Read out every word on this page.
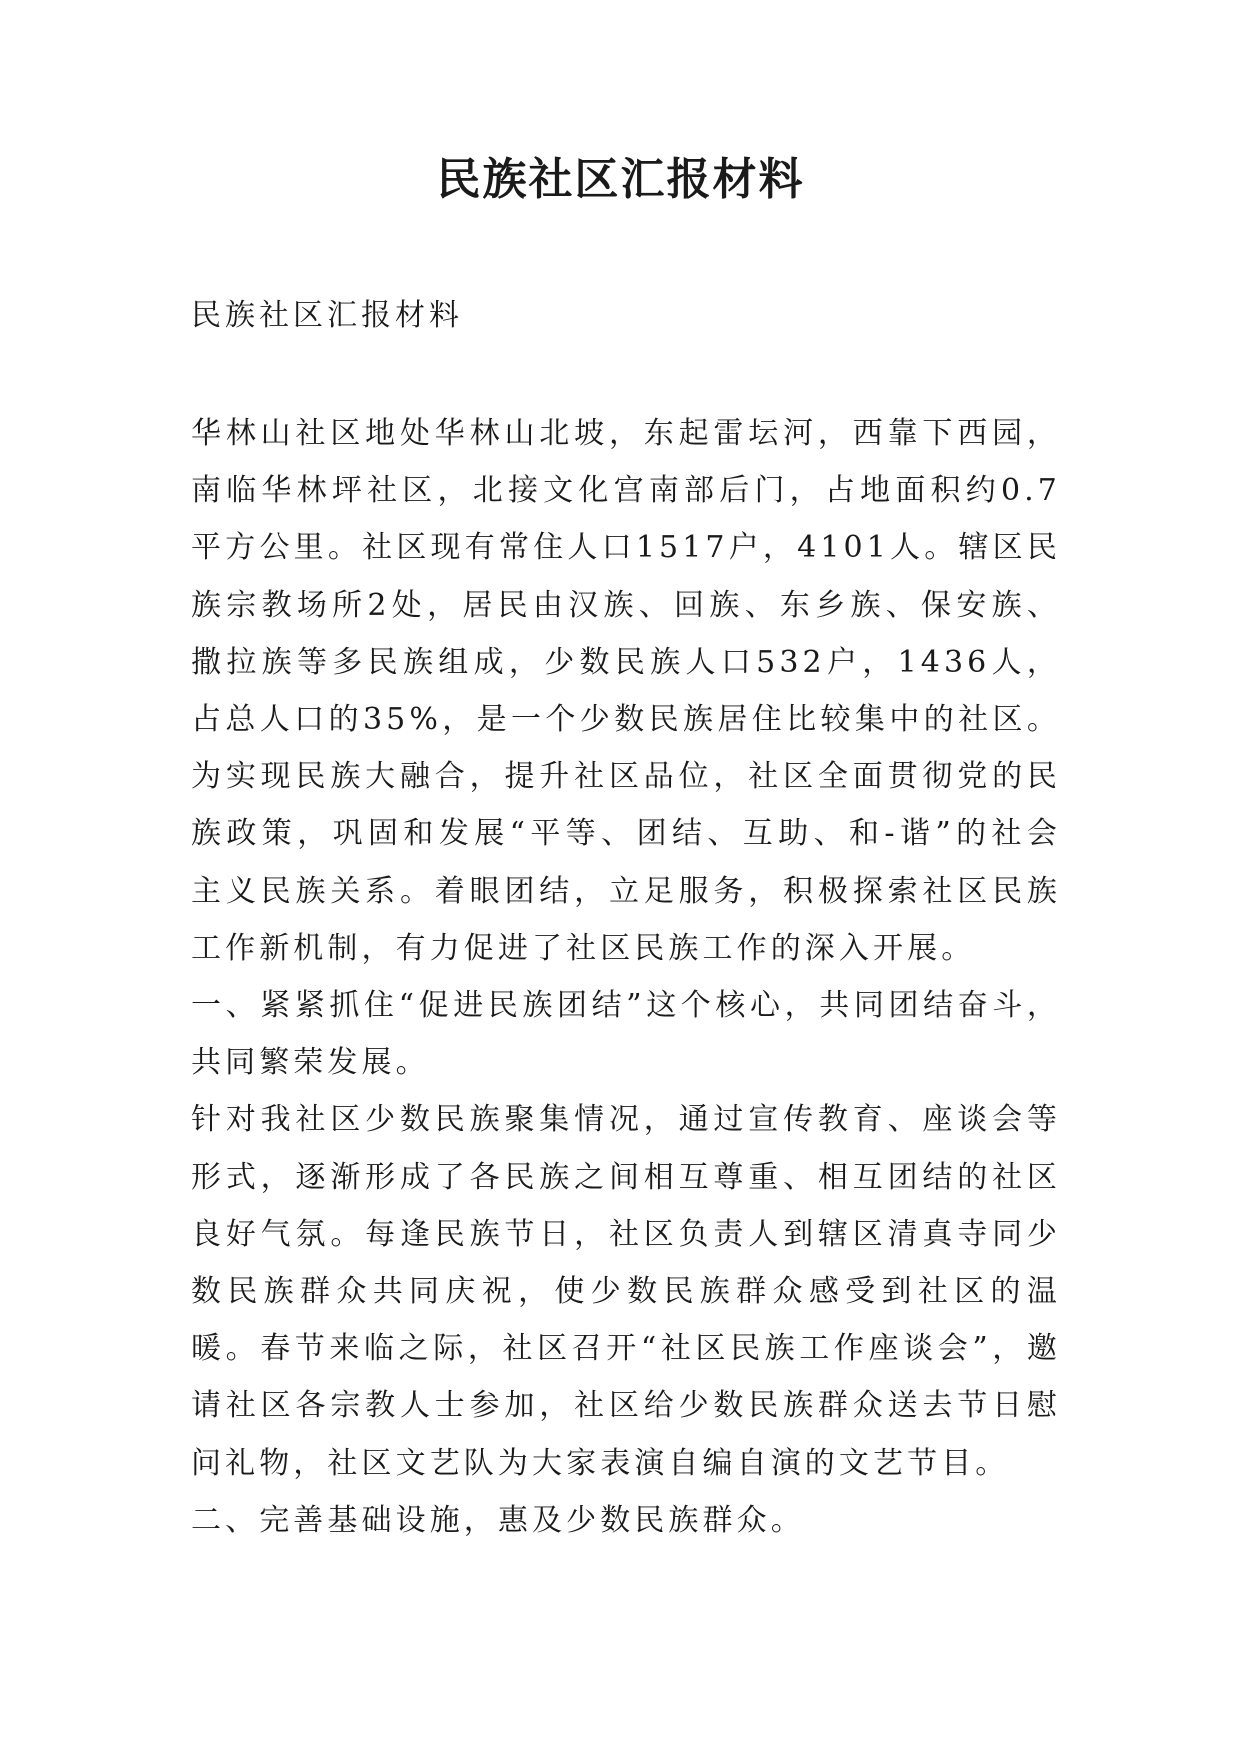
民族社区汇报材料

民族社区汇报材料

华林山社区地处华林山北坡，东起雷坛河，西靠下西园，南临华林坪社区，北接文化宫南部后门，占地面积约0.7平方公里。社区现有常住人口1517户，4101人。辖区民族宗教场所2处，居民由汉族、回族、东乡族、保安族、撒拉族等多民族组成，少数民族人口532户，1436人，占总人口的35%，是一个少数民族居住比较集中的社区。为实现民族大融合，提升社区品位，社区全面贯彻党的民族政策，巩固和发展“平等、团结、互助、和-谐”的社会主义民族关系。着眼团结，立足服务，积极探索社区民族工作新机制，有力促进了社区民族工作的深入开展。

一、紧紧抓住“促进民族团结”这个核心，共同团结奋斗，共同繁荣发展。

针对我社区少数民族聚集情况，通过宣传教育、座谈会等形式，逐渐形成了各民族之间相互尊重、相互团结的社区良好气氛。每逢民族节日，社区负责人到辖区清真寺同少数民族群众共同庆祝，使少数民族群众感受到社区的温暖。春节来临之际，社区召开“社区民族工作座谈会”，邀请社区各宗教人士参加，社区给少数民族群众送去节日慰问礼物，社区文艺队为大家表演自编自演的文艺节目。

二、完善基础设施，惠及少数民族群众。
